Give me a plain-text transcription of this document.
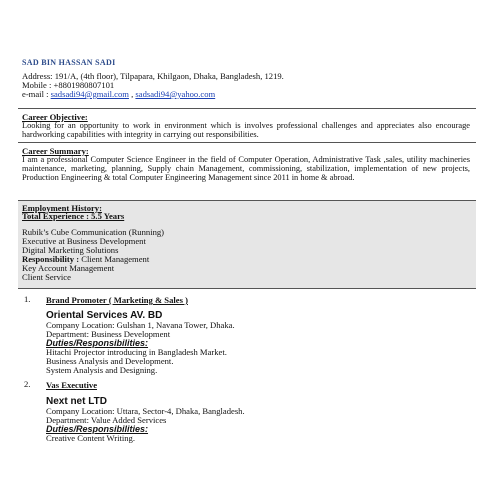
SAD BIN HASSAN SADI
Address: 191/A, (4th floor), Tilpapara, Khilgaon, Dhaka, Bangladesh, 1219.
Mobile : +8801980807101
e-mail : sadsadi94@gmail.com , sadsadi94@yahoo.com
Career Objective:
Looking for an opportunity to work in environment which is involves professional challenges and appreciates also encourage hardworking capabilities with integrity in carrying out responsibilities.
Career Summary:
I am a professional Computer Science Engineer in the field of Computer Operation, Administrative Task ,sales, utility machineries maintenance, marketing, planning, Supply chain Management, commissioning, stabilization, implementation of new projects, Production Engineering & total Computer Engineering Management since 2011 in home & abroad.
Employment History:
Total Experience : 5.5 Years
Rubik’s Cube Communication (Running)
Executive at Business Development
Digital Marketing Solutions
Responsibility : Client Management
Key Account Management
Client Service
1. Brand Promoter ( Marketing & Sales )
Oriental Services AV. BD
Company Location: Gulshan 1, Navana Tower, Dhaka.
Department: Business Development
Duties/Responsibilities:
Hitachi Projector introducing in Bangladesh Market.
Business Analysis and Development.
System Analysis and Designing.
2. Vas Executive
Next net LTD
Company Location: Uttara, Sector-4, Dhaka, Bangladesh.
Department: Value Added Services
Duties/Responsibilities:
Creative Content Writing.
